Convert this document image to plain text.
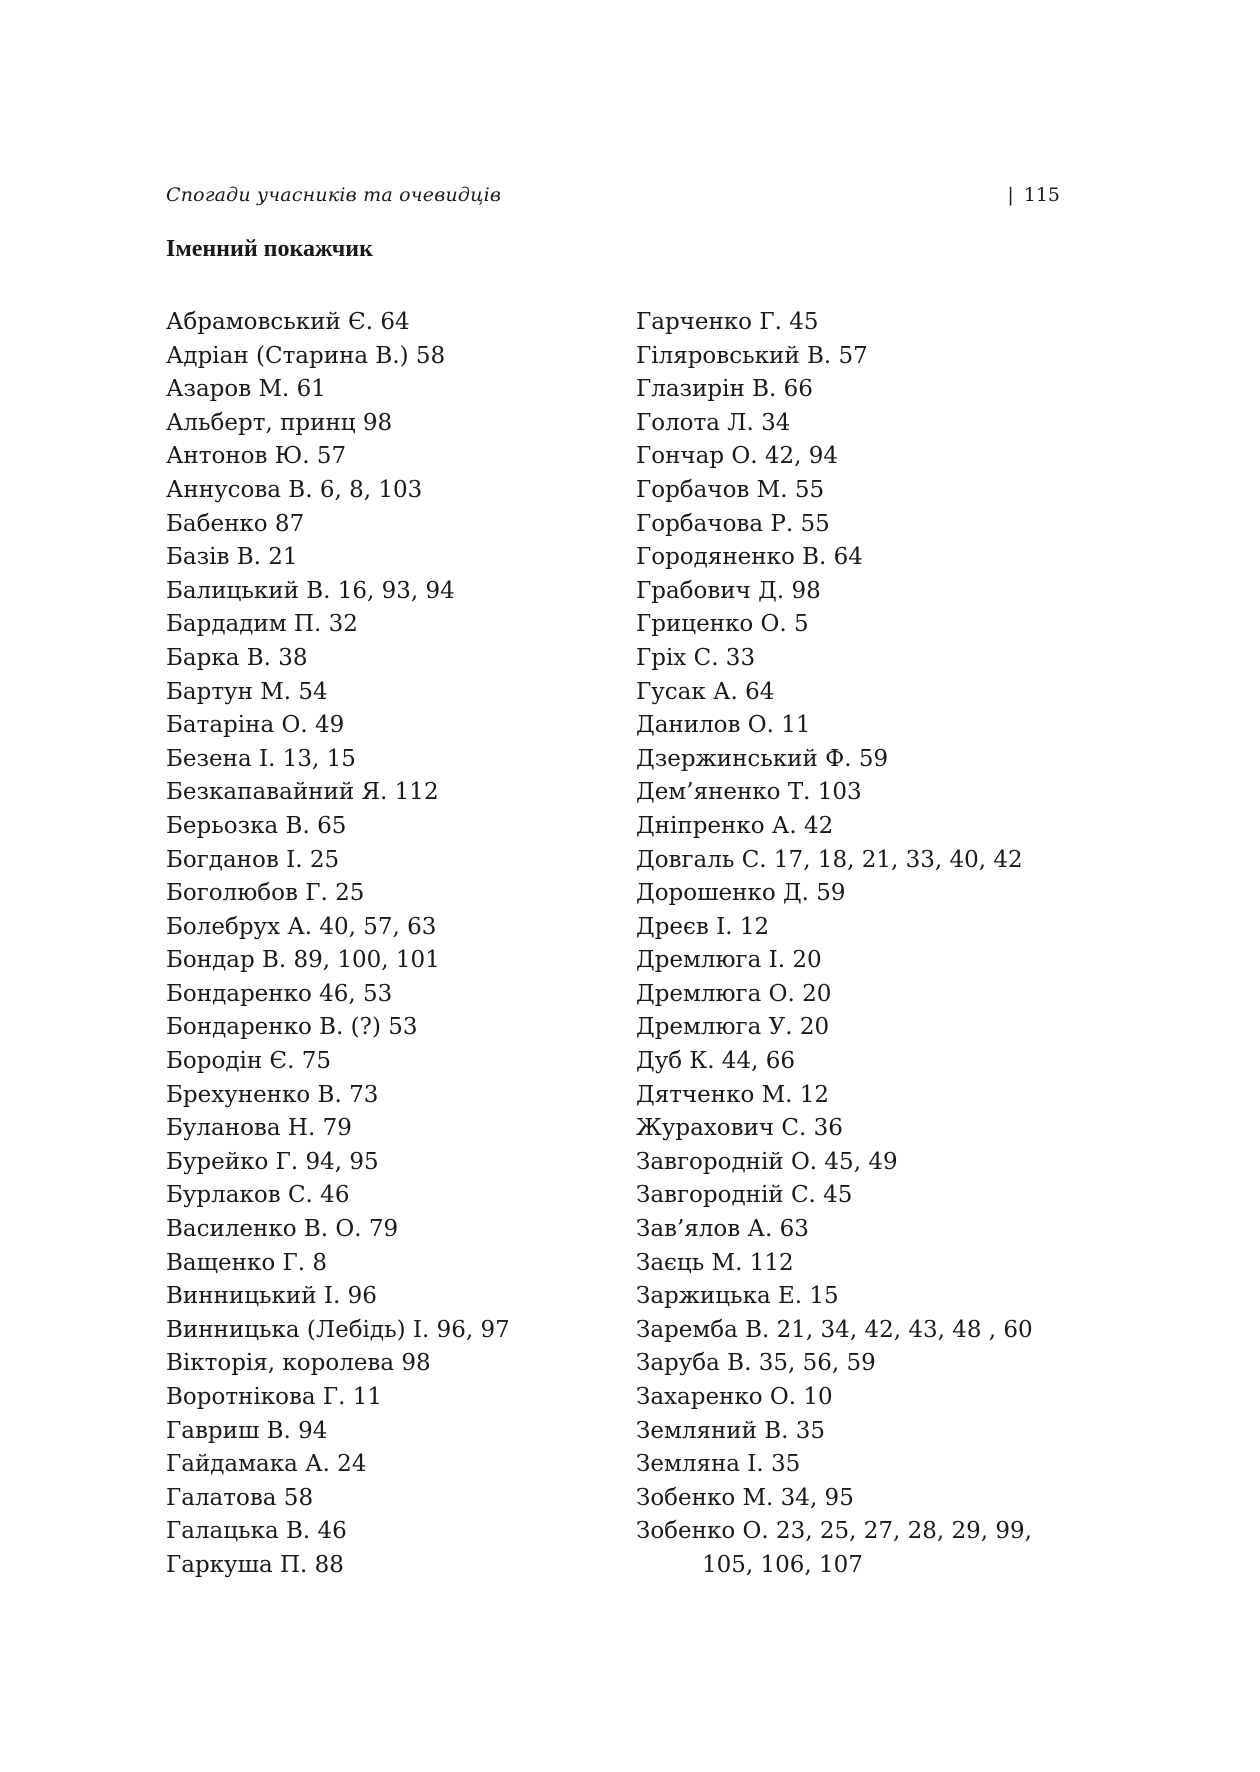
Спогади учасників та очевидців	| 115
Іменний покажчик
Абрамовський Є. 64
Адріан (Старина В.) 58
Азаров М. 61
Альберт, принц 98
Антонов Ю. 57
Аннусова В. 6, 8, 103
Бабенко 87
Базів В. 21
Балицький В. 16, 93, 94
Бардадим П. 32
Барка В. 38
Бартун М. 54
Батаріна О. 49
Безена І. 13, 15
Безкапавайний Я. 112
Берьозка В. 65
Богданов І. 25
Боголюбов Г. 25
Болебрух А. 40, 57, 63
Бондар В. 89, 100, 101
Бондаренко 46, 53
Бондаренко В. (?) 53
Бородін Є. 75
Брехуненко В. 73
Буланова Н. 79
Бурейко Г. 94, 95
Бурлаков С. 46
Василенко В. О. 79
Ващенко Г. 8
Винницький І. 96
Винницька (Лебідь) І. 96, 97
Вікторія, королева 98
Воротнікова Г. 11
Гавриш В. 94
Гайдамака А. 24
Галатова 58
Галацька В. 46
Гаркуша П. 88
Гарченко Г. 45
Гіляровський В. 57
Глазирін В. 66
Голота Л. 34
Гончар О. 42, 94
Горбачов М. 55
Горбачова Р. 55
Городяненко В. 64
Грабович Д. 98
Гриценко О. 5
Гріх С. 33
Гусак А. 64
Данилов О. 11
Дзержинський Ф. 59
Дем’яненко Т. 103
Дніпренко А. 42
Довгаль С. 17, 18, 21, 33, 40, 42
Дорошенко Д. 59
Дреєв І. 12
Дремлюга І. 20
Дремлюга О. 20
Дремлюга У. 20
Дуб К. 44, 66
Дятченко М. 12
Журахович С. 36
Завгородній О. 45, 49
Завгородній С. 45
Зав’ялов А. 63
Заєць М. 112
Заржицька Е. 15
Заремба В. 21, 34, 42, 43, 48 , 60
Заруба В. 35, 56, 59
Захаренко О. 10
Земляний В. 35
Землянa І. 35
Зобенко М. 34, 95
Зобенко О. 23, 25, 27, 28, 29, 99,
105, 106, 107
